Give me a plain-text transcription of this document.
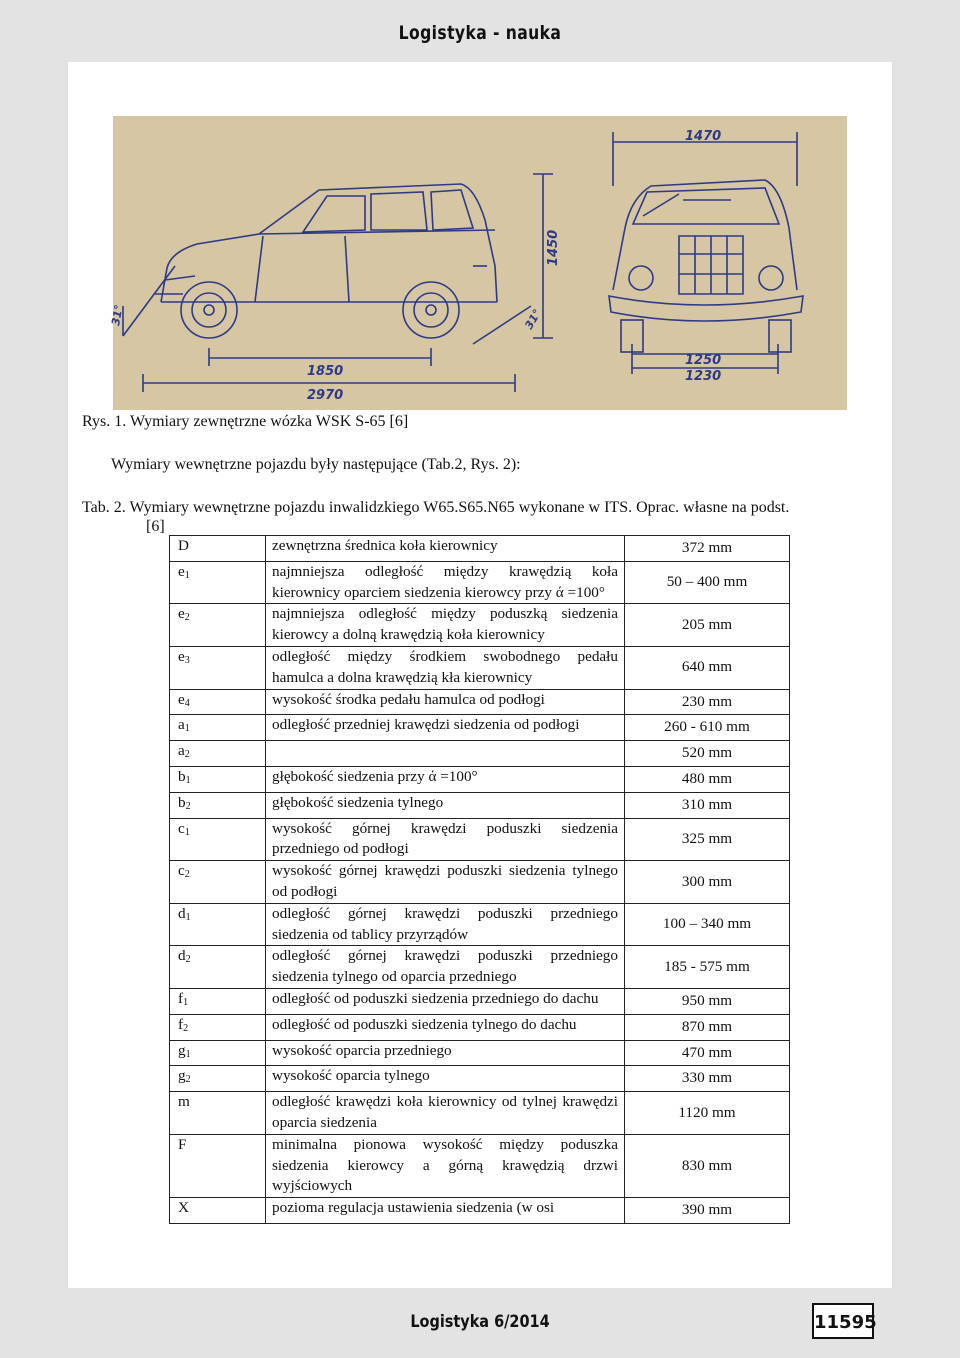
Logistyka - nauka
1850
2970
1450
1470
1250
1230
31°	31°
Rys. 1. Wymiary zewnętrzne wózka WSK S-65 [6]
Wymiary wewnętrzne pojazdu były następujące (Tab.2, Rys. 2):
Tab. 2. Wymiary wewnętrzne pojazdu inwalidzkiego W65.S65.N65 wykonane w ITS. Oprac. własne na podst.
[6]
D	zewnętrzna średnica koła kierownicy	372 mm
$e_1$	najmniejsza odległość między krawędzią koła kierownicy oparciem siedzenia kierowcy przy ά =100°	50 – 400 mm
$e_2$	najmniejsza odległość między poduszką siedzenia kierowcy a dolną krawędzią koła kierownicy	205 mm
$e_3$	odległość między środkiem swobodnego pedału hamulca a dolna krawędzią kła kierownicy	640 mm
$e_4$	wysokość środka pedału hamulca od podłogi	230 mm
$a_1$	odległość przedniej krawędzi siedzenia od podłogi	260 - 610 mm
$a_2$		520 mm
$b_1$	głębokość siedzenia przy ά =100°	480 mm
$b_2$	głębokość siedzenia tylnego	310 mm
$c_1$	wysokość górnej krawędzi poduszki siedzenia przedniego od podłogi	325 mm
$c_2$	wysokość górnej krawędzi poduszki siedzenia tylnego od podłogi	300 mm
$d_1$	odległość górnej krawędzi poduszki przedniego siedzenia od tablicy przyrządów	100 – 340 mm
$d_2$	odległość górnej krawędzi poduszki przedniego siedzenia tylnego od oparcia przedniego	185 - 575 mm
$f_1$	odległość od poduszki siedzenia przedniego do dachu	950 mm
$f_2$	odległość od poduszki siedzenia tylnego do dachu	870 mm
$g_1$	wysokość oparcia przedniego	470 mm
$g_2$	wysokość oparcia tylnego	330 mm
m	odległość krawędzi koła kierownicy od tylnej krawędzi oparcia siedzenia	1120 mm
F	minimalna pionowa wysokość między poduszka siedzenia kierowcy a górną krawędzią drzwi wyjściowych	830 mm
X	pozioma regulacja ustawienia siedzenia (w osi	390 mm
Logistyka 6/2014	11595
